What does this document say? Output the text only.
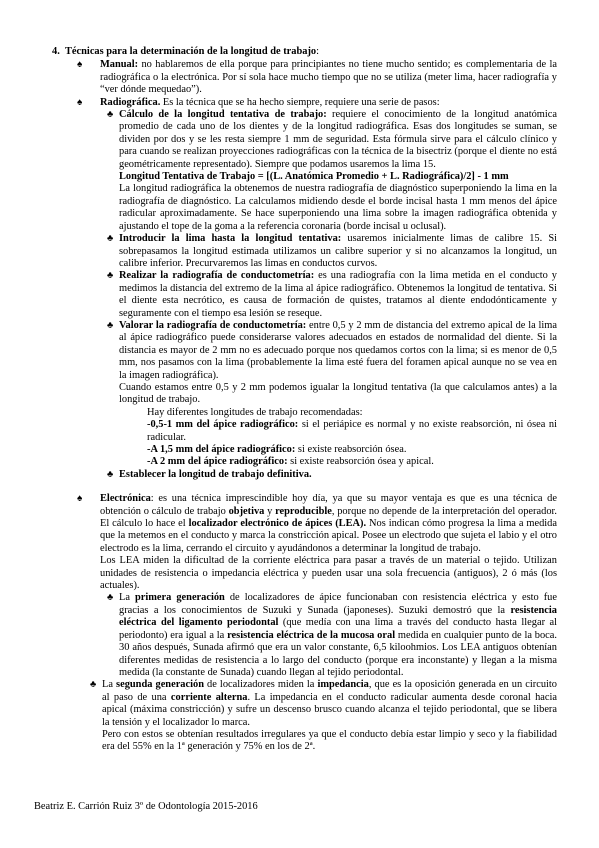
4. Técnicas para la determinación de la longitud de trabajo:

♠ Manual: no hablaremos de ella porque para principiantes no tiene mucho sentido; es complementaria de la radiográfica o la electrónica. Por sí sola hace mucho tiempo que no se utiliza (meter lima, hacer radiografía y “ver dónde mequedao”).

♠ Radiográfica. Es la técnica que se ha hecho siempre, requiere una serie de pasos:

♣ Cálculo de la longitud tentativa de trabajo: requiere el conocimiento de la longitud anatómica promedio de cada uno de los dientes y de la longitud radiográfica. Esas dos longitudes se suman, se dividen por dos y se les resta siempre 1 mm de seguridad. Esta fórmula sirve para el cálculo clínico y para cuando se realizan proyecciones radiográficas con la técnica de la bisectriz (porque el diente no está geométricamente representado). Siempre que podamos usaremos la lima 15.

Longitud Tentativa de Trabajo = [(L. Anatómica Promedio + L. Radiográfica)/2] - 1 mm

La longitud radiográfica la obtenemos de nuestra radiografía de diagnóstico superponiendo la lima en la radiografía de diagnóstico. La calculamos midiendo desde el borde incisal hasta 1 mm menos del ápice radicular aproximadamente. Se hace superponiendo una lima sobre la imagen radiográfica obtenida y ajustando el tope de la goma a la referencia coronaria (borde incisal u oclusal).

♣ Introducir la lima hasta la longitud tentativa: usaremos inicialmente limas de calibre 15. Si sobrepasamos la longitud estimada utilizamos un calibre superior y si no alcanzamos la longitud, un calibre inferior. Precurvaremos las limas en conductos curvos.

♣ Realizar la radiografía de conductometría: es una radiografía con la lima metida en el conducto y medimos la distancia del extremo de la lima al ápice radiográfico. Obtenemos la longitud de tentativa. Si el diente esta necrótico, es causa de formación de quistes, tratamos al diente endodónticamente y seguramente con el tiempo esa lesión se reseque.

♣ Valorar la radiografía de conductometría: entre 0,5 y 2 mm de distancia del extremo apical de la lima al ápice radiográfico puede considerarse valores adecuados en estados de normalidad del diente. Si la distancia es mayor de 2 mm no es adecuado porque nos quedamos cortos con la lima; si es menor de 0,5 mm, nos pasamos con la lima (probablemente la lima esté fuera del foramen apical aunque no se vea en la imagen radiográfica).

Cuando estamos entre 0,5 y 2 mm podemos igualar la longitud tentativa (la que calculamos antes) a la longitud de trabajo.

Hay diferentes longitudes de trabajo recomendadas:

-0,5-1 mm del ápice radiográfico: si el periápice es normal y no existe reabsorción, ni ósea ni radicular.

-A 1,5 mm del ápice radiográfico: si existe reabsorción ósea.

-A 2 mm del ápice radiográfico: si existe reabsorción ósea y apical.

♣ Establecer la longitud de trabajo definitiva.

♠ Electrónica: es una técnica imprescindible hoy día, ya que su mayor ventaja es que es una técnica de obtención o cálculo de trabajo objetiva y reproducible, porque no depende de la interpretación del operador. El cálculo lo hace el localizador electrónico de ápices (LEA). Nos indican cómo progresa la lima a medida que la metemos en el conducto y marca la constricción apical. Posee un electrodo que sujeta el labio y el otro electrodo es la lima, cerrando el circuito y ayudándonos a determinar la longitud de trabajo.

Los LEA miden la dificultad de la corriente eléctrica para pasar a través de un material o tejido. Utilizan unidades de resistencia o impedancia eléctrica y pueden usar una sola frecuencia (antiguos), 2 ó más (los actuales).

♣ La primera generación de localizadores de ápice funcionaban con resistencia eléctrica y esto fue gracias a los conocimientos de Suzuki y Sunada (japoneses). Suzuki demostró que la resistencia eléctrica del ligamento periodontal (que medía con una lima a través del conducto hasta llegar al periodonto) era igual a la resistencia eléctrica de la mucosa oral medida en cualquier punto de la boca. 30 años después, Sunada afirmó que era un valor constante, 6,5 kiloohmios. Los LEA antiguos obtenían diferentes medidas de resistencia a lo largo del conducto (porque era inconstante) y llegan a la misma medida (la constante de Sunada) cuando llegan al tejido periodontal.

♣ La segunda generación de localizadores miden la impedancia, que es la oposición generada en un circuito al paso de una corriente alterna. La impedancia en el conducto radicular aumenta desde coronal hacia apical (máxima constricción) y sufre un descenso brusco cuando alcanza el tejido periodontal, que se libera la tensión y el localizador lo marca.

Pero con estos se obtenían resultados irregulares ya que el conducto debía estar limpio y seco y la fiabilidad era del 55% en la 1ª generación y 75% en los de 2ª.

Beatriz E. Carrión Ruiz 3º de Odontología 2015-2016
